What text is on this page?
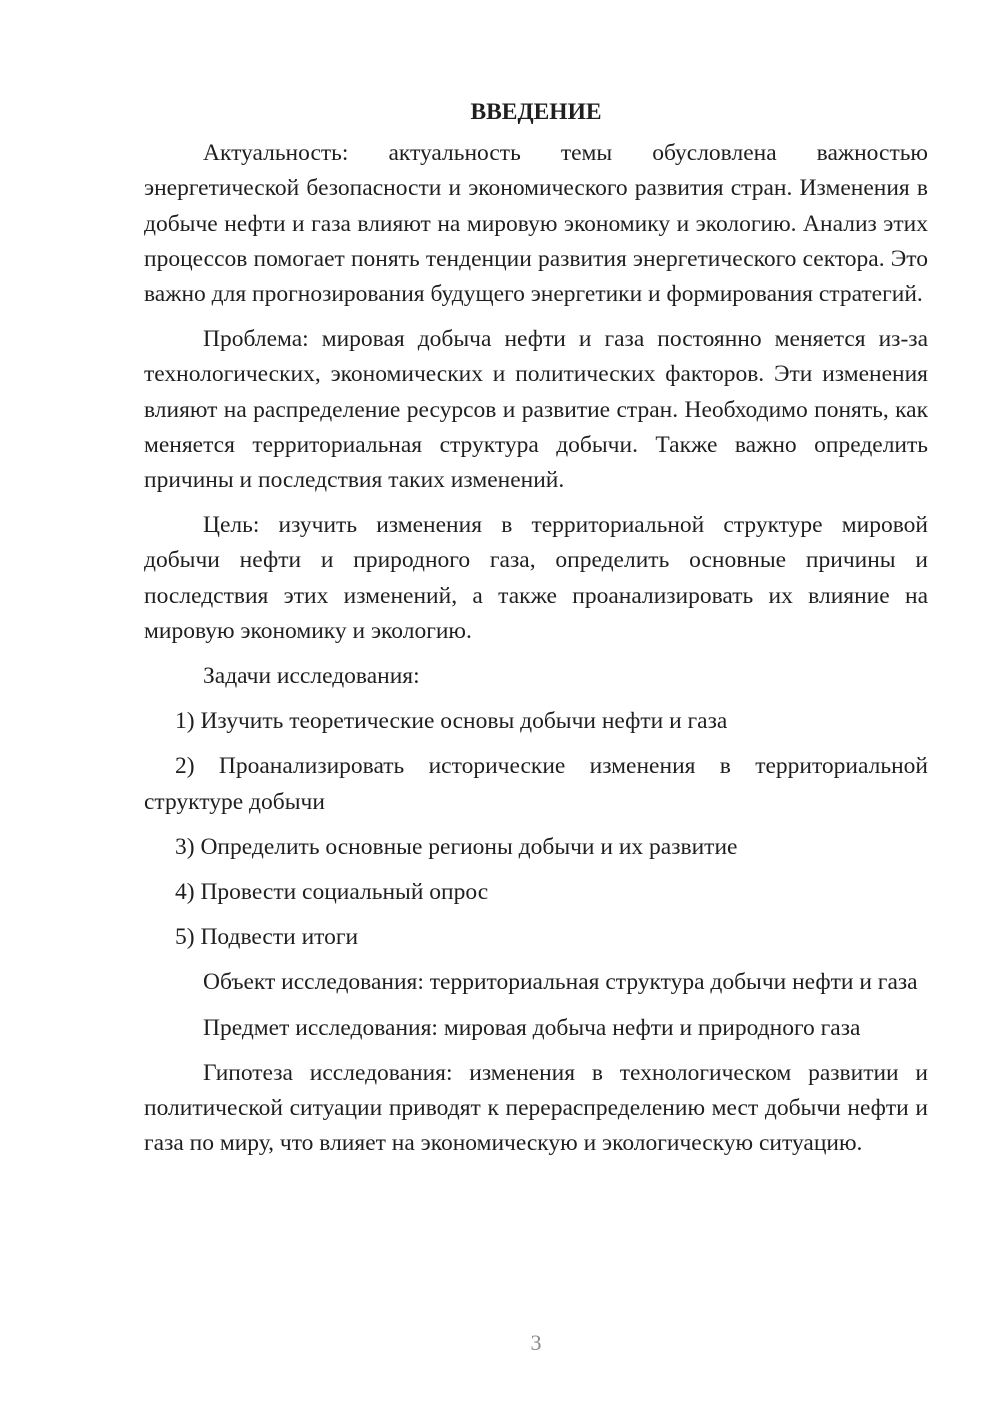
ВВЕДЕНИЕ

Актуальность: актуальность темы обусловлена важностью энергетической безопасности и экономического развития стран. Изменения в добыче нефти и газа влияют на мировую экономику и экологию. Анализ этих процессов помогает понять тенденции развития энергетического сектора. Это важно для прогнозирования будущего энергетики и формирования стратегий.

Проблема: мировая добыча нефти и газа постоянно меняется из-за технологических, экономических и политических факторов. Эти изменения влияют на распределение ресурсов и развитие стран. Необходимо понять, как меняется территориальная структура добычи. Также важно определить причины и последствия таких изменений.

Цель: изучить изменения в территориальной структуре мировой добычи нефти и природного газа, определить основные причины и последствия этих изменений, а также проанализировать их влияние на мировую экономику и экологию.

Задачи исследования:

1) Изучить теоретические основы добычи нефти и газа

2) Проанализировать исторические изменения в территориальной структуре добычи

3) Определить основные регионы добычи и их развитие

4) Провести социальный опрос

5) Подвести итоги

Объект исследования: территориальная структура добычи нефти и газа

Предмет исследования: мировая добыча нефти и природного газа

Гипотеза исследования: изменения в технологическом развитии и политической ситуации приводят к перераспределению мест добычи нефти и газа по миру, что влияет на экономическую и экологическую ситуацию.

3
